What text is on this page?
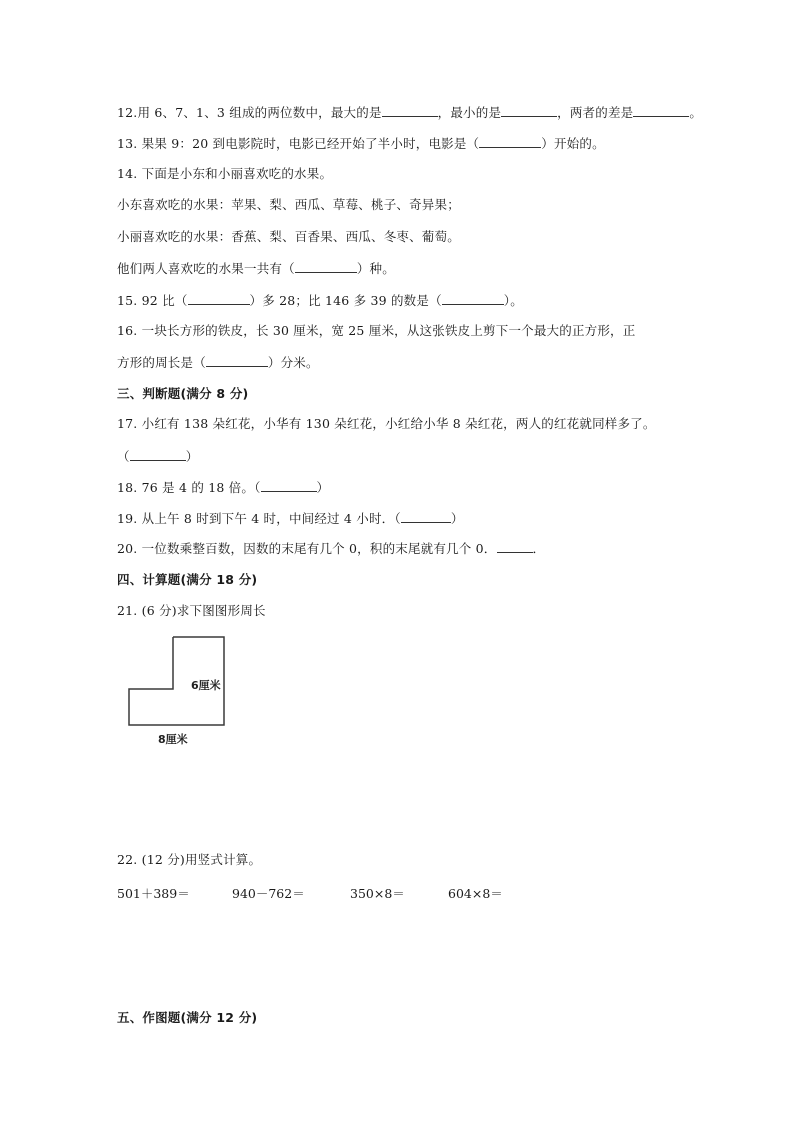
12.用 6、7、1、3 组成的两位数中，最大的是	，最小的是	，两者的差是	。
13. 果果 9：20 到电影院时，电影已经开始了半小时，电影是（	）开始的。
14. 下面是小东和小丽喜欢吃的水果。
小东喜欢吃的水果：苹果、梨、西瓜、草莓、桃子、奇异果；
小丽喜欢吃的水果：香蕉、梨、百香果、西瓜、冬枣、葡萄。
他们两人喜欢吃的水果一共有（	）种。
15. 92 比（	）多 28；比 146 多 39 的数是（	）。
16. 一块长方形的铁皮，长 30 厘米，宽 25 厘米，从这张铁皮上剪下一个最大的正方形，正
方形的周长是（	）分米。
三、判断题(满分 8 分)
17. 小红有 138 朵红花，小华有 130 朵红花，小红给小华 8 朵红花，两人的红花就同样多了。
（	）
18. 76 是 4 的 18 倍。（	）
19. 从上午 8 时到下午 4 时，中间经过 4 小时．（	）
20. 一位数乘整百数，因数的末尾有几个 0，积的末尾就有几个 0．	．
四、计算题(满分 18 分)
21. (6 分)求下图图形周长
6厘米
8厘米
22. (12 分)用竖式计算。
501＋389＝	940－762＝	350×8＝	604×8＝
五、作图题(满分 12 分)
